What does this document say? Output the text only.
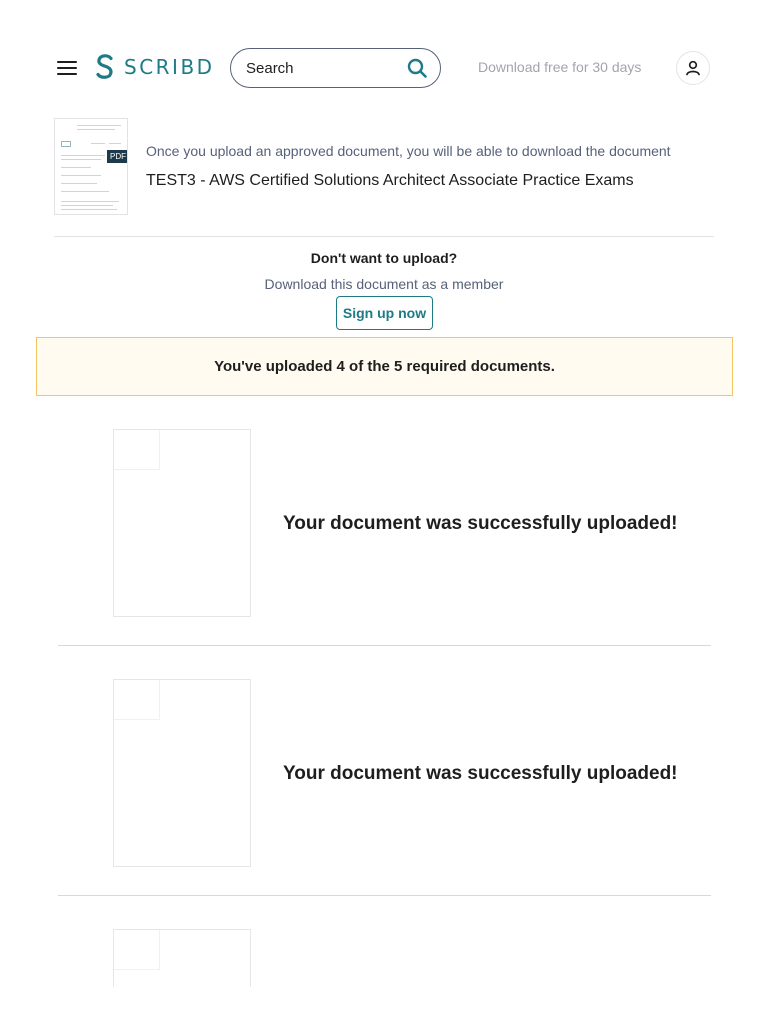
SCRIBD
Search	Download free for 30 days
PDF Once you upload an approved document, you will be able to download the document
TEST3 - AWS Certified Solutions Architect Associate Practice Exams
Don't want to upload?
Download this document as a member
Sign up now
You've uploaded 4 of the 5 required documents.
Your document was successfully uploaded!
Your document was successfully uploaded!
